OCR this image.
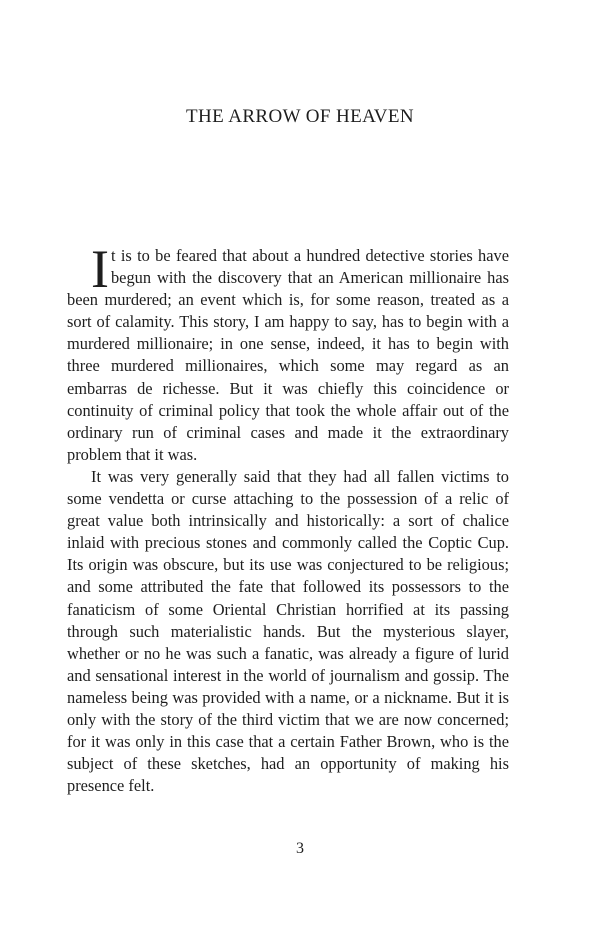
THE ARROW OF HEAVEN

It is to be feared that about a hundred detective stories have begun with the discovery that an American millionaire has been murdered; an event which is, for some reason, treated as a sort of calamity. This story, I am happy to say, has to begin with a murdered millionaire; in one sense, indeed, it has to begin with three murdered millionaires, which some may regard as an embarras de richesse. But it was chiefly this coincidence or continuity of criminal policy that took the whole affair out of the ordinary run of criminal cases and made it the extraordinary problem that it was.

It was very generally said that they had all fallen victims to some vendetta or curse attaching to the possession of a relic of great value both intrinsically and historically: a sort of chalice inlaid with precious stones and commonly called the Coptic Cup. Its origin was obscure, but its use was conjectured to be religious; and some attributed the fate that followed its possessors to the fanaticism of some Oriental Christian horrified at its passing through such materialistic hands. But the mysterious slayer, whether or no he was such a fanatic, was already a figure of lurid and sensational interest in the world of journalism and gossip. The nameless being was provided with a name, or a nickname. But it is only with the story of the third victim that we are now concerned; for it was only in this case that a certain Father Brown, who is the subject of these sketches, had an opportunity of making his presence felt.

3
